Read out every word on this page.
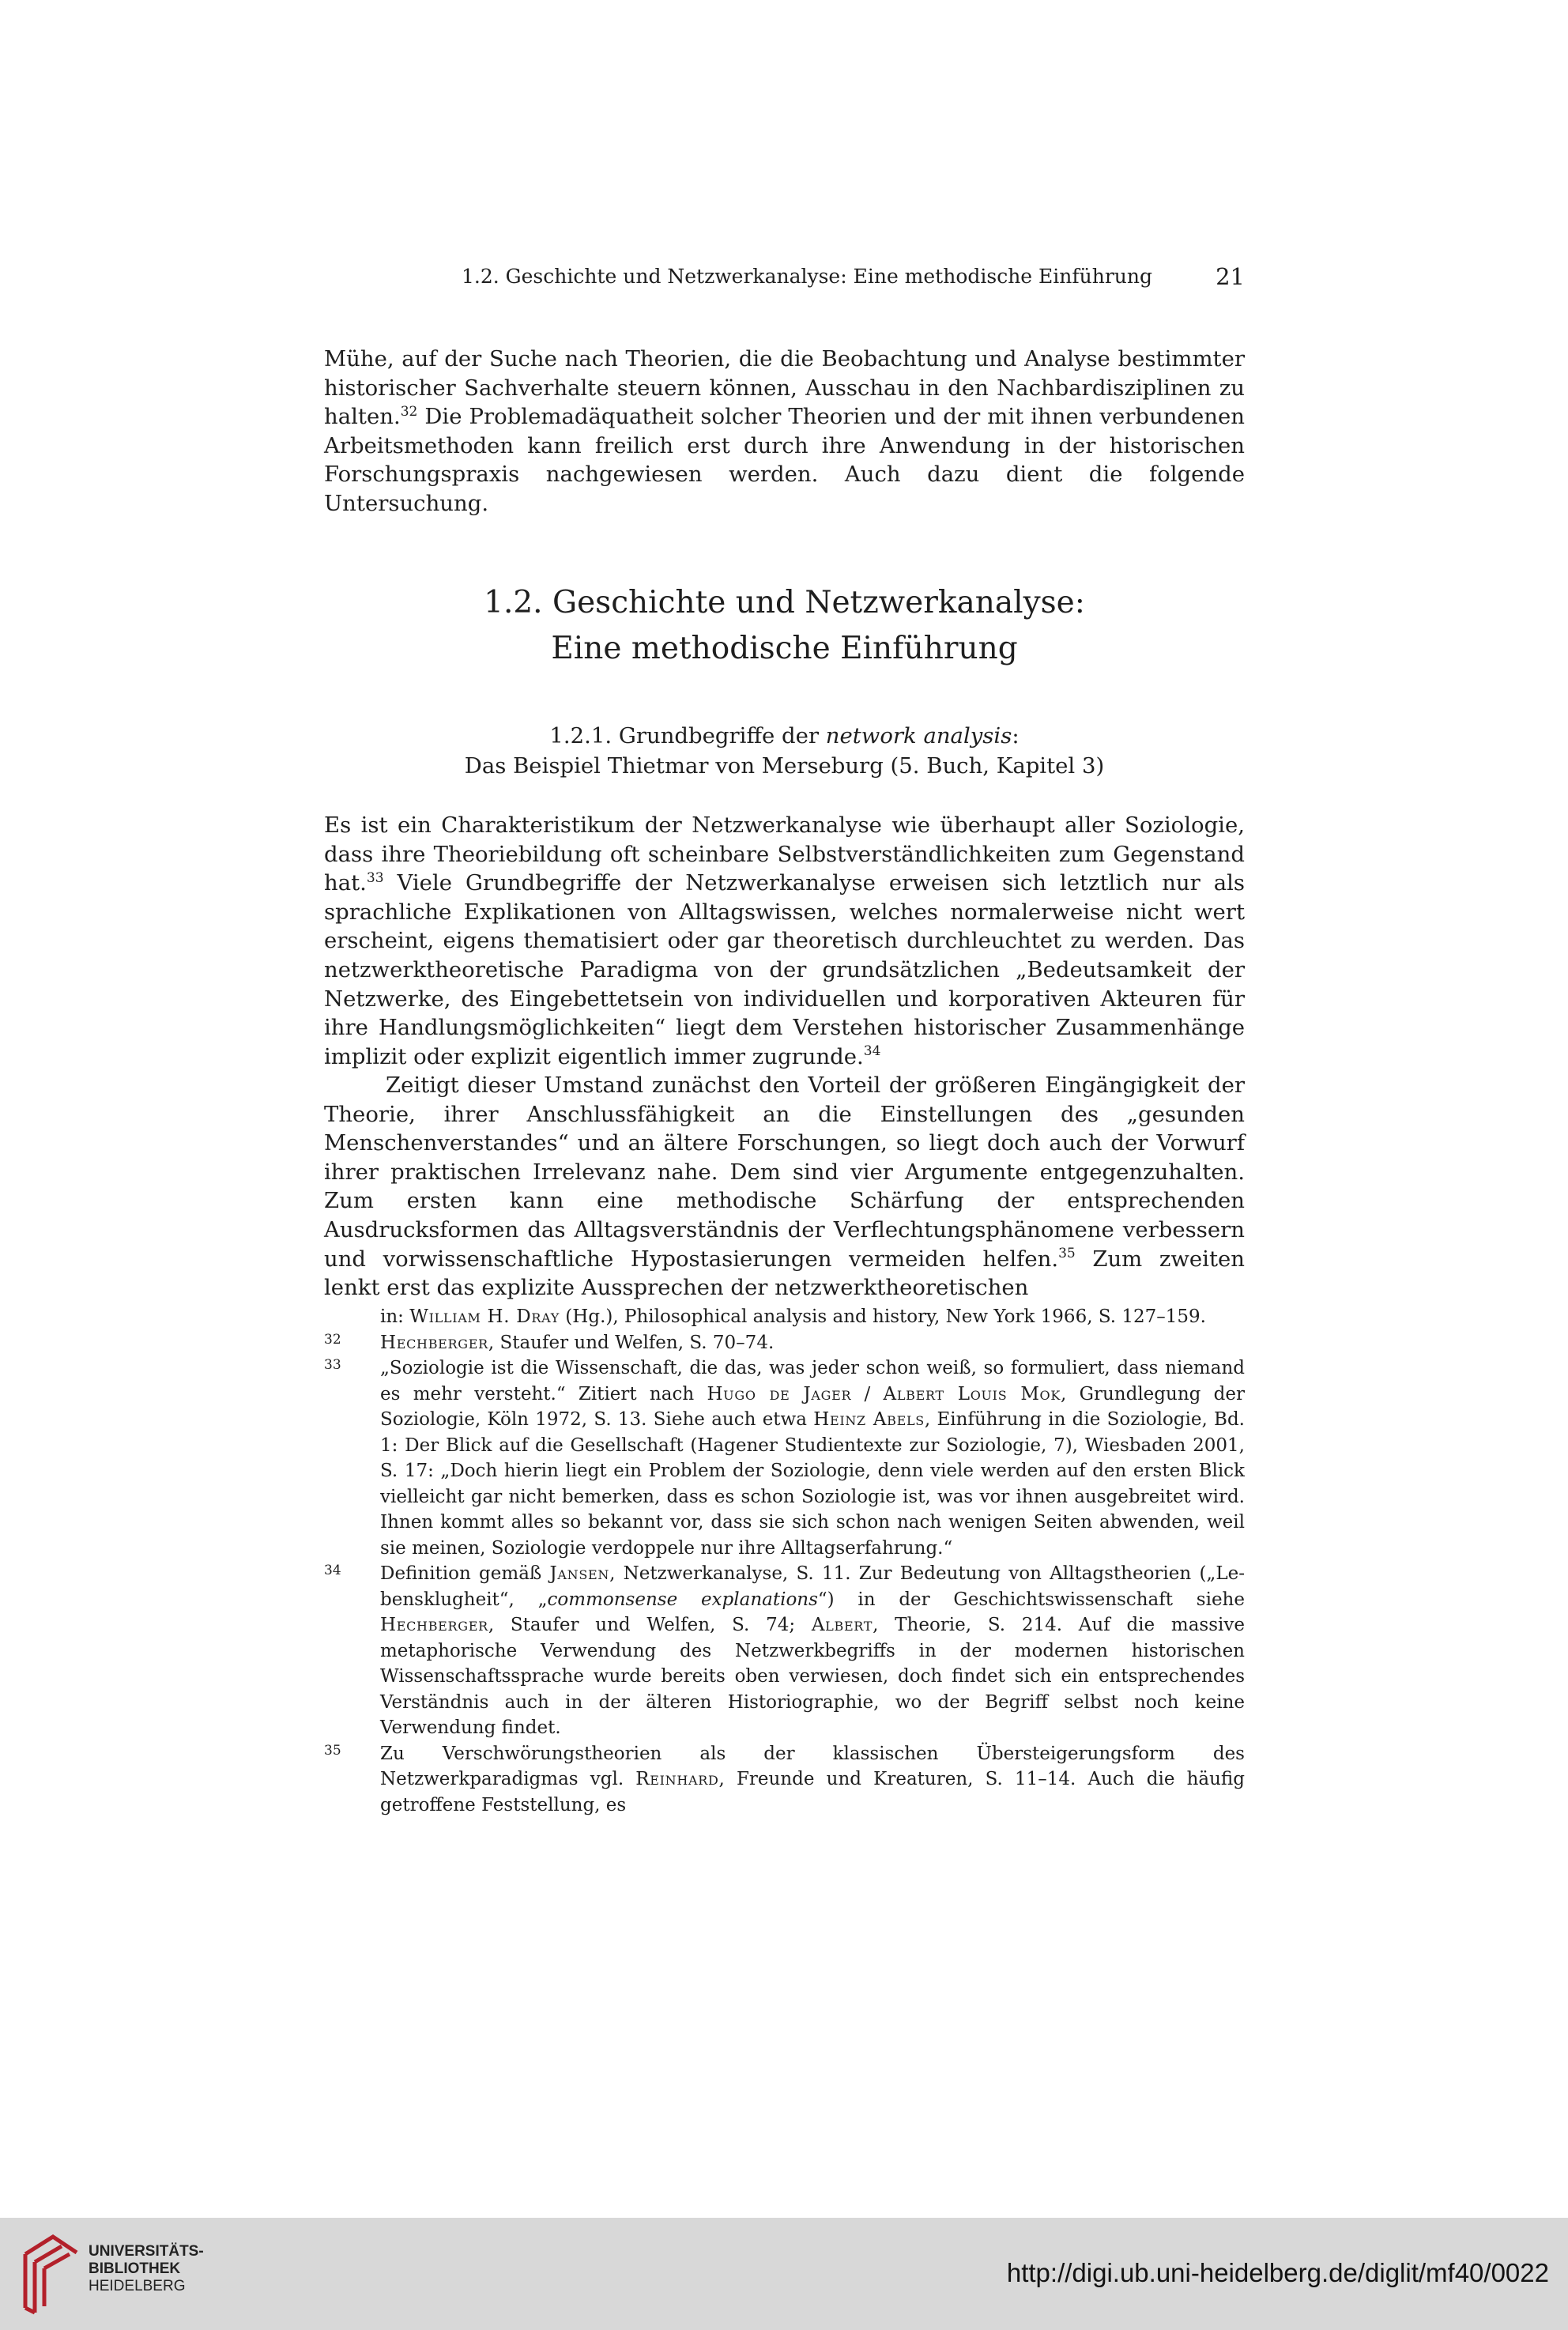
1.2. Geschichte und Netzwerkanalyse: Eine methodische Einführung	21

Mühe, auf der Suche nach Theorien, die die Beobachtung und Analyse bestimmter historischer Sachverhalte steuern können, Ausschau in den Nachbardisziplinen zu halten.$^{32}$ Die Problemadäquatheit solcher Theorien und der mit ihnen verbundenen Arbeitsmethoden kann freilich erst durch ihre Anwendung in der historischen Forschungspraxis nachgewiesen werden. Auch dazu dient die folgende Untersuchung.

1.2. Geschichte und Netzwerkanalyse:
Eine methodische Einführung
1.2.1. Grundbegriffe der network analysis:
Das Beispiel Thietmar von Merseburg (5. Buch, Kapitel 3)

Es ist ein Charakteristikum der Netzwerkanalyse wie überhaupt aller Soziologie, dass ihre Theoriebildung oft scheinbare Selbstverständlichkeiten zum Gegenstand hat.$^{33}$ Viele Grundbegriffe der Netzwerkanalyse erweisen sich letztlich nur als sprachliche Explikationen von Alltagswissen, welches normalerweise nicht wert erscheint, eigens thematisiert oder gar theoretisch durchleuchtet zu werden. Das netzwerktheoretische Paradigma von der grundsätzlichen „Bedeutsamkeit der Netzwerke, des Eingebettetsein von individuellen und korporativen Akteuren für ihre Handlungsmöglichkeiten“ liegt dem Verstehen historischer Zusammenhänge implizit oder explizit eigentlich immer zugrunde.$^{34}$

Zeitigt dieser Umstand zunächst den Vorteil der größeren Eingängigkeit der Theorie, ihrer Anschlussfähigkeit an die Einstellungen des „gesunden Menschenverstandes“ und an ältere Forschungen, so liegt doch auch der Vorwurf ihrer praktischen Irrelevanz nahe. Dem sind vier Argumente entgegenzuhalten. Zum ersten kann eine methodische Schärfung der entsprechenden Ausdrucksformen das Alltagsverständnis der Verflechtungsphänomene verbessern und vorwissenschaftliche Hypostasierungen vermeiden helfen.$^{35}$ Zum zweiten lenkt erst das explizite Aussprechen der netzwerktheoretischen

in: William H. Dray (Hg.), Philosophical analysis and history, New York 1966, S. 127–159.

32 Hechberger, Staufer und Welfen, S. 70–74.

33 „Soziologie ist die Wissenschaft, die das, was jeder schon weiß, so formuliert, dass niemand es mehr versteht.“ Zitiert nach Hugo de Jager / Albert Louis Mok, Grundlegung der Soziologie, Köln 1972, S. 13. Siehe auch etwa Heinz Abels, Einführung in die Soziologie, Bd. 1: Der Blick auf die Gesellschaft (Hagener Studientexte zur Soziologie, 7), Wiesbaden 2001, S. 17: „Doch hierin liegt ein Problem der Soziologie, denn viele werden auf den ersten Blick vielleicht gar nicht bemerken, dass es schon Soziologie ist, was vor ihnen ausgebreitet wird. Ihnen kommt alles so bekannt vor, dass sie sich schon nach wenigen Seiten abwenden, weil sie meinen, Soziologie verdoppele nur ihre Alltagserfahrung.“

34 Definition gemäß Jansen, Netzwerkanalyse, S. 11. Zur Bedeutung von Alltagstheorien („Lebensklugheit“, „commonsense explanations“) in der Geschichtswissenschaft siehe Hechberger, Staufer und Welfen, S. 74; Albert, Theorie, S. 214. Auf die massive metaphorische Verwendung des Netzwerkbegriffs in der modernen historischen Wissenschaftssprache wurde bereits oben verwiesen, doch findet sich ein entsprechendes Verständnis auch in der älteren Historiographie, wo der Begriff selbst noch keine Verwendung findet.

35 Zu Verschwörungstheorien als der klassischen Übersteigerungsform des Netzwerkparadigmas vgl. Reinhard, Freunde und Kreaturen, S. 11–14. Auch die häufig getroffene Feststellung, es

UNIVERSITÄTS-
BIBLIOTHEK
HEIDELBERG	http://digi.ub.uni-heidelberg.de/diglit/mf40/0022
